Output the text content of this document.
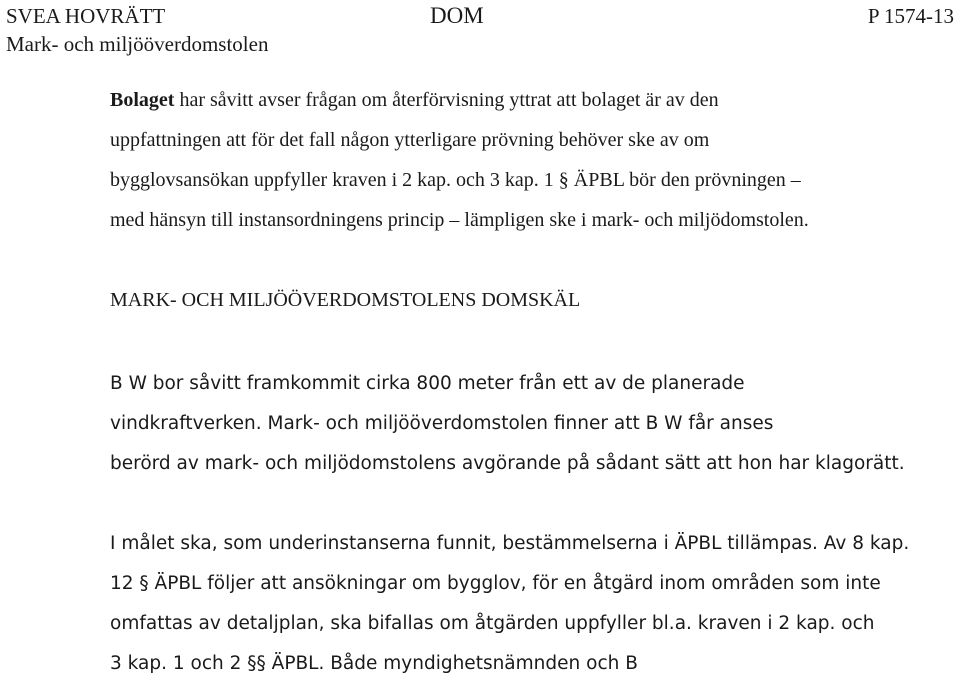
SVEA HOVRÄTT
Mark- och miljööverdomstolen
DOM	P 1574-13
Bolaget har såvitt avser frågan om återförvisning yttrat att bolaget är av den
uppfattningen att för det fall någon ytterligare prövning behöver ske av om
bygglovsansökan uppfyller kraven i 2 kap. och 3 kap. 1 § ÄPBL bör den prövningen –
med hänsyn till instansordningens princip – lämpligen ske i mark- och miljödomstolen.
MARK- OCH MILJÖÖVERDOMSTOLENS DOMSKÄL
B W bor såvitt framkommit cirka 800 meter från ett av de planerade
vindkraftverken. Mark- och miljööverdomstolen finner att B W får anses
berörd av mark- och miljödomstolens avgörande på sådant sätt att hon har klagorätt.
I målet ska, som underinstanserna funnit, bestämmelserna i ÄPBL tillämpas. Av 8 kap.
12 § ÄPBL följer att ansökningar om bygglov, för en åtgärd inom områden som inte
omfattas av detaljplan, ska bifallas om åtgärden uppfyller bl.a. kraven i 2 kap. och
3 kap. 1 och 2 §§ ÄPBL. Både myndighetsnämnden och B
